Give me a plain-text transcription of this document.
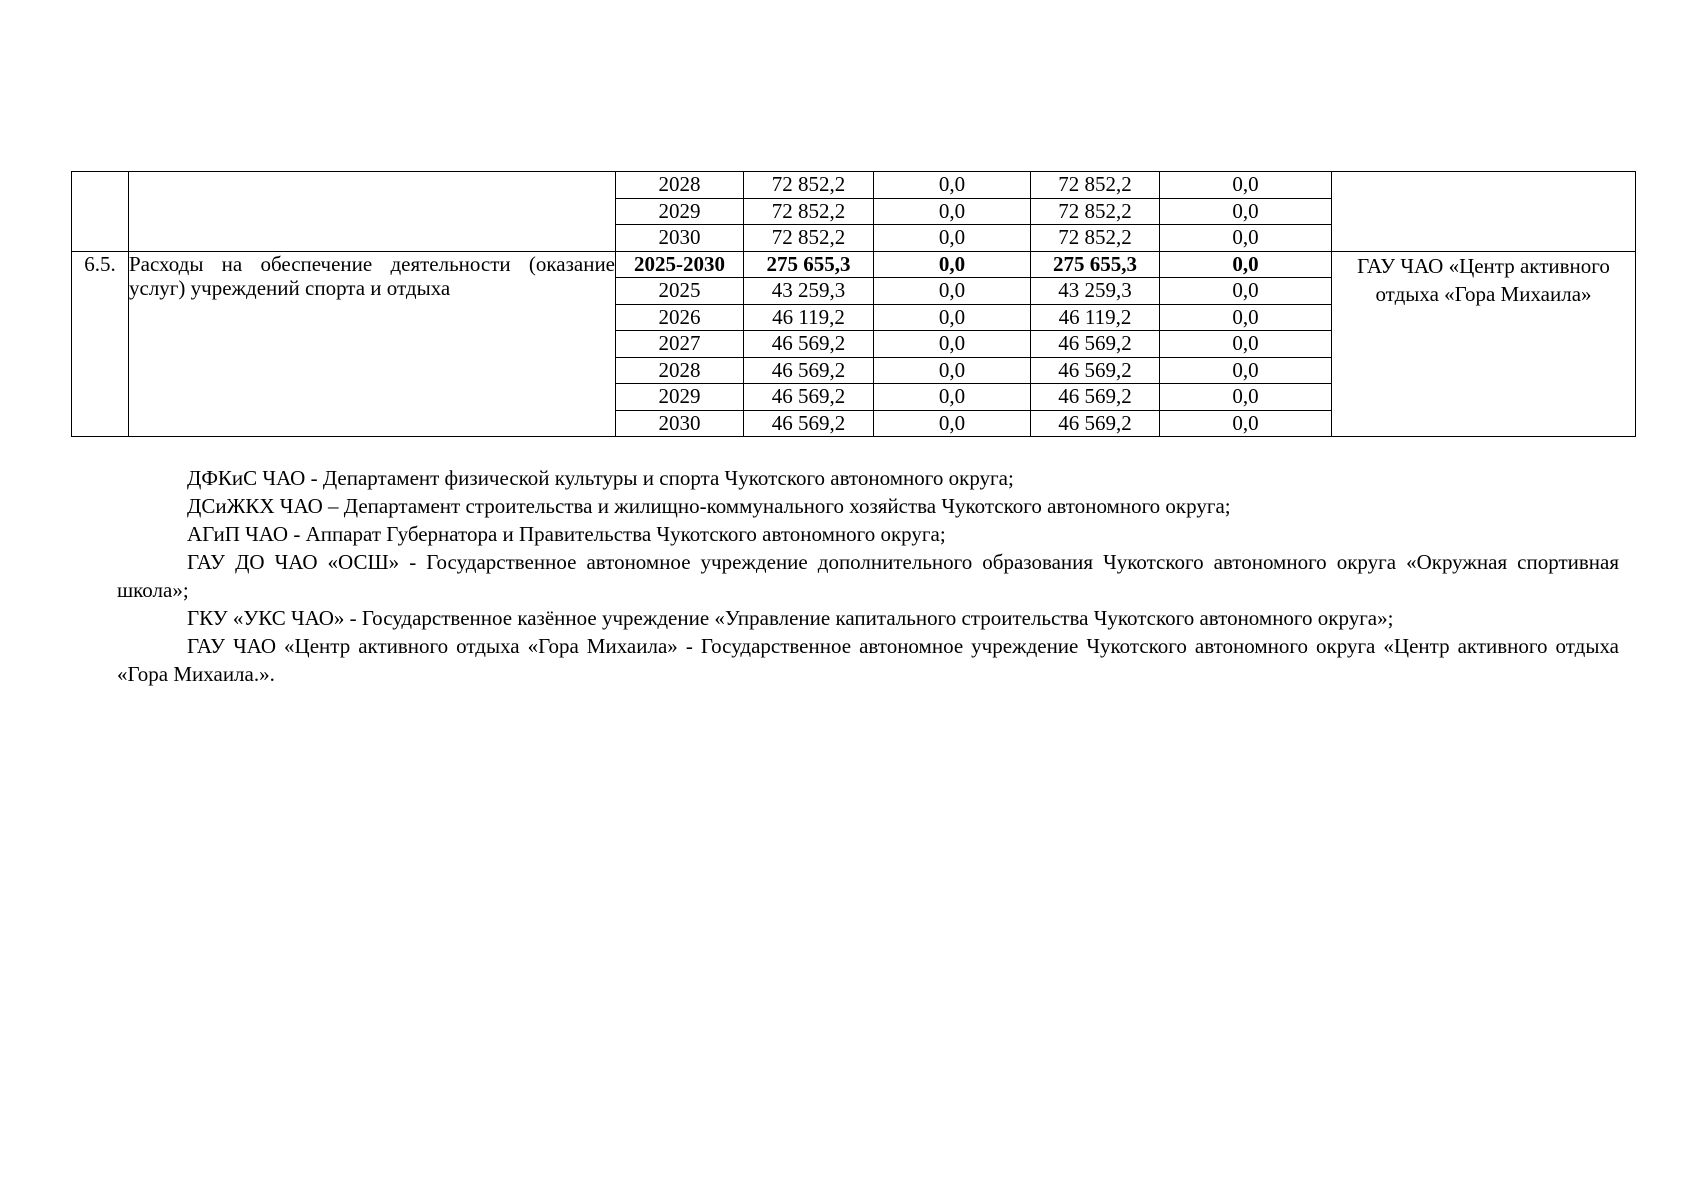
		2028	72 852,2	0,0	72 852,2	0,0	
		2029	72 852,2	0,0	72 852,2	0,0	
		2030	72 852,2	0,0	72 852,2	0,0	
6.5.	Расходы на обеспечение деятельности (оказание услуг) учреждений спорта и отдыха	2025-2030	275 655,3	0,0	275 655,3	0,0	ГАУ ЧАО «Центр активного отдыха «Гора Михаила»
		2025	43 259,3	0,0	43 259,3	0,0	
		2026	46 119,2	0,0	46 119,2	0,0	
		2027	46 569,2	0,0	46 569,2	0,0	
		2028	46 569,2	0,0	46 569,2	0,0	
		2029	46 569,2	0,0	46 569,2	0,0	
		2030	46 569,2	0,0	46 569,2	0,0	

ДФКиС ЧАО - Департамент физической культуры и спорта Чукотского автономного округа;

ДСиЖКХ ЧАО – Департамент строительства и жилищно-коммунального хозяйства Чукотского автономного округа;

АГиП ЧАО - Аппарат Губернатора и Правительства Чукотского автономного округа;

ГАУ ДО ЧАО «ОСШ» - Государственное автономное учреждение дополнительного образования Чукотского автономного округа «Окружная спортивная школа»;

ГКУ «УКС ЧАО» - Государственное казённое учреждение «Управление капитального строительства Чукотского автономного округа»;

ГАУ ЧАО «Центр активного отдыха «Гора Михаила» - Государственное автономное учреждение Чукотского автономного округа «Центр активного отдыха «Гора Михаила.».
